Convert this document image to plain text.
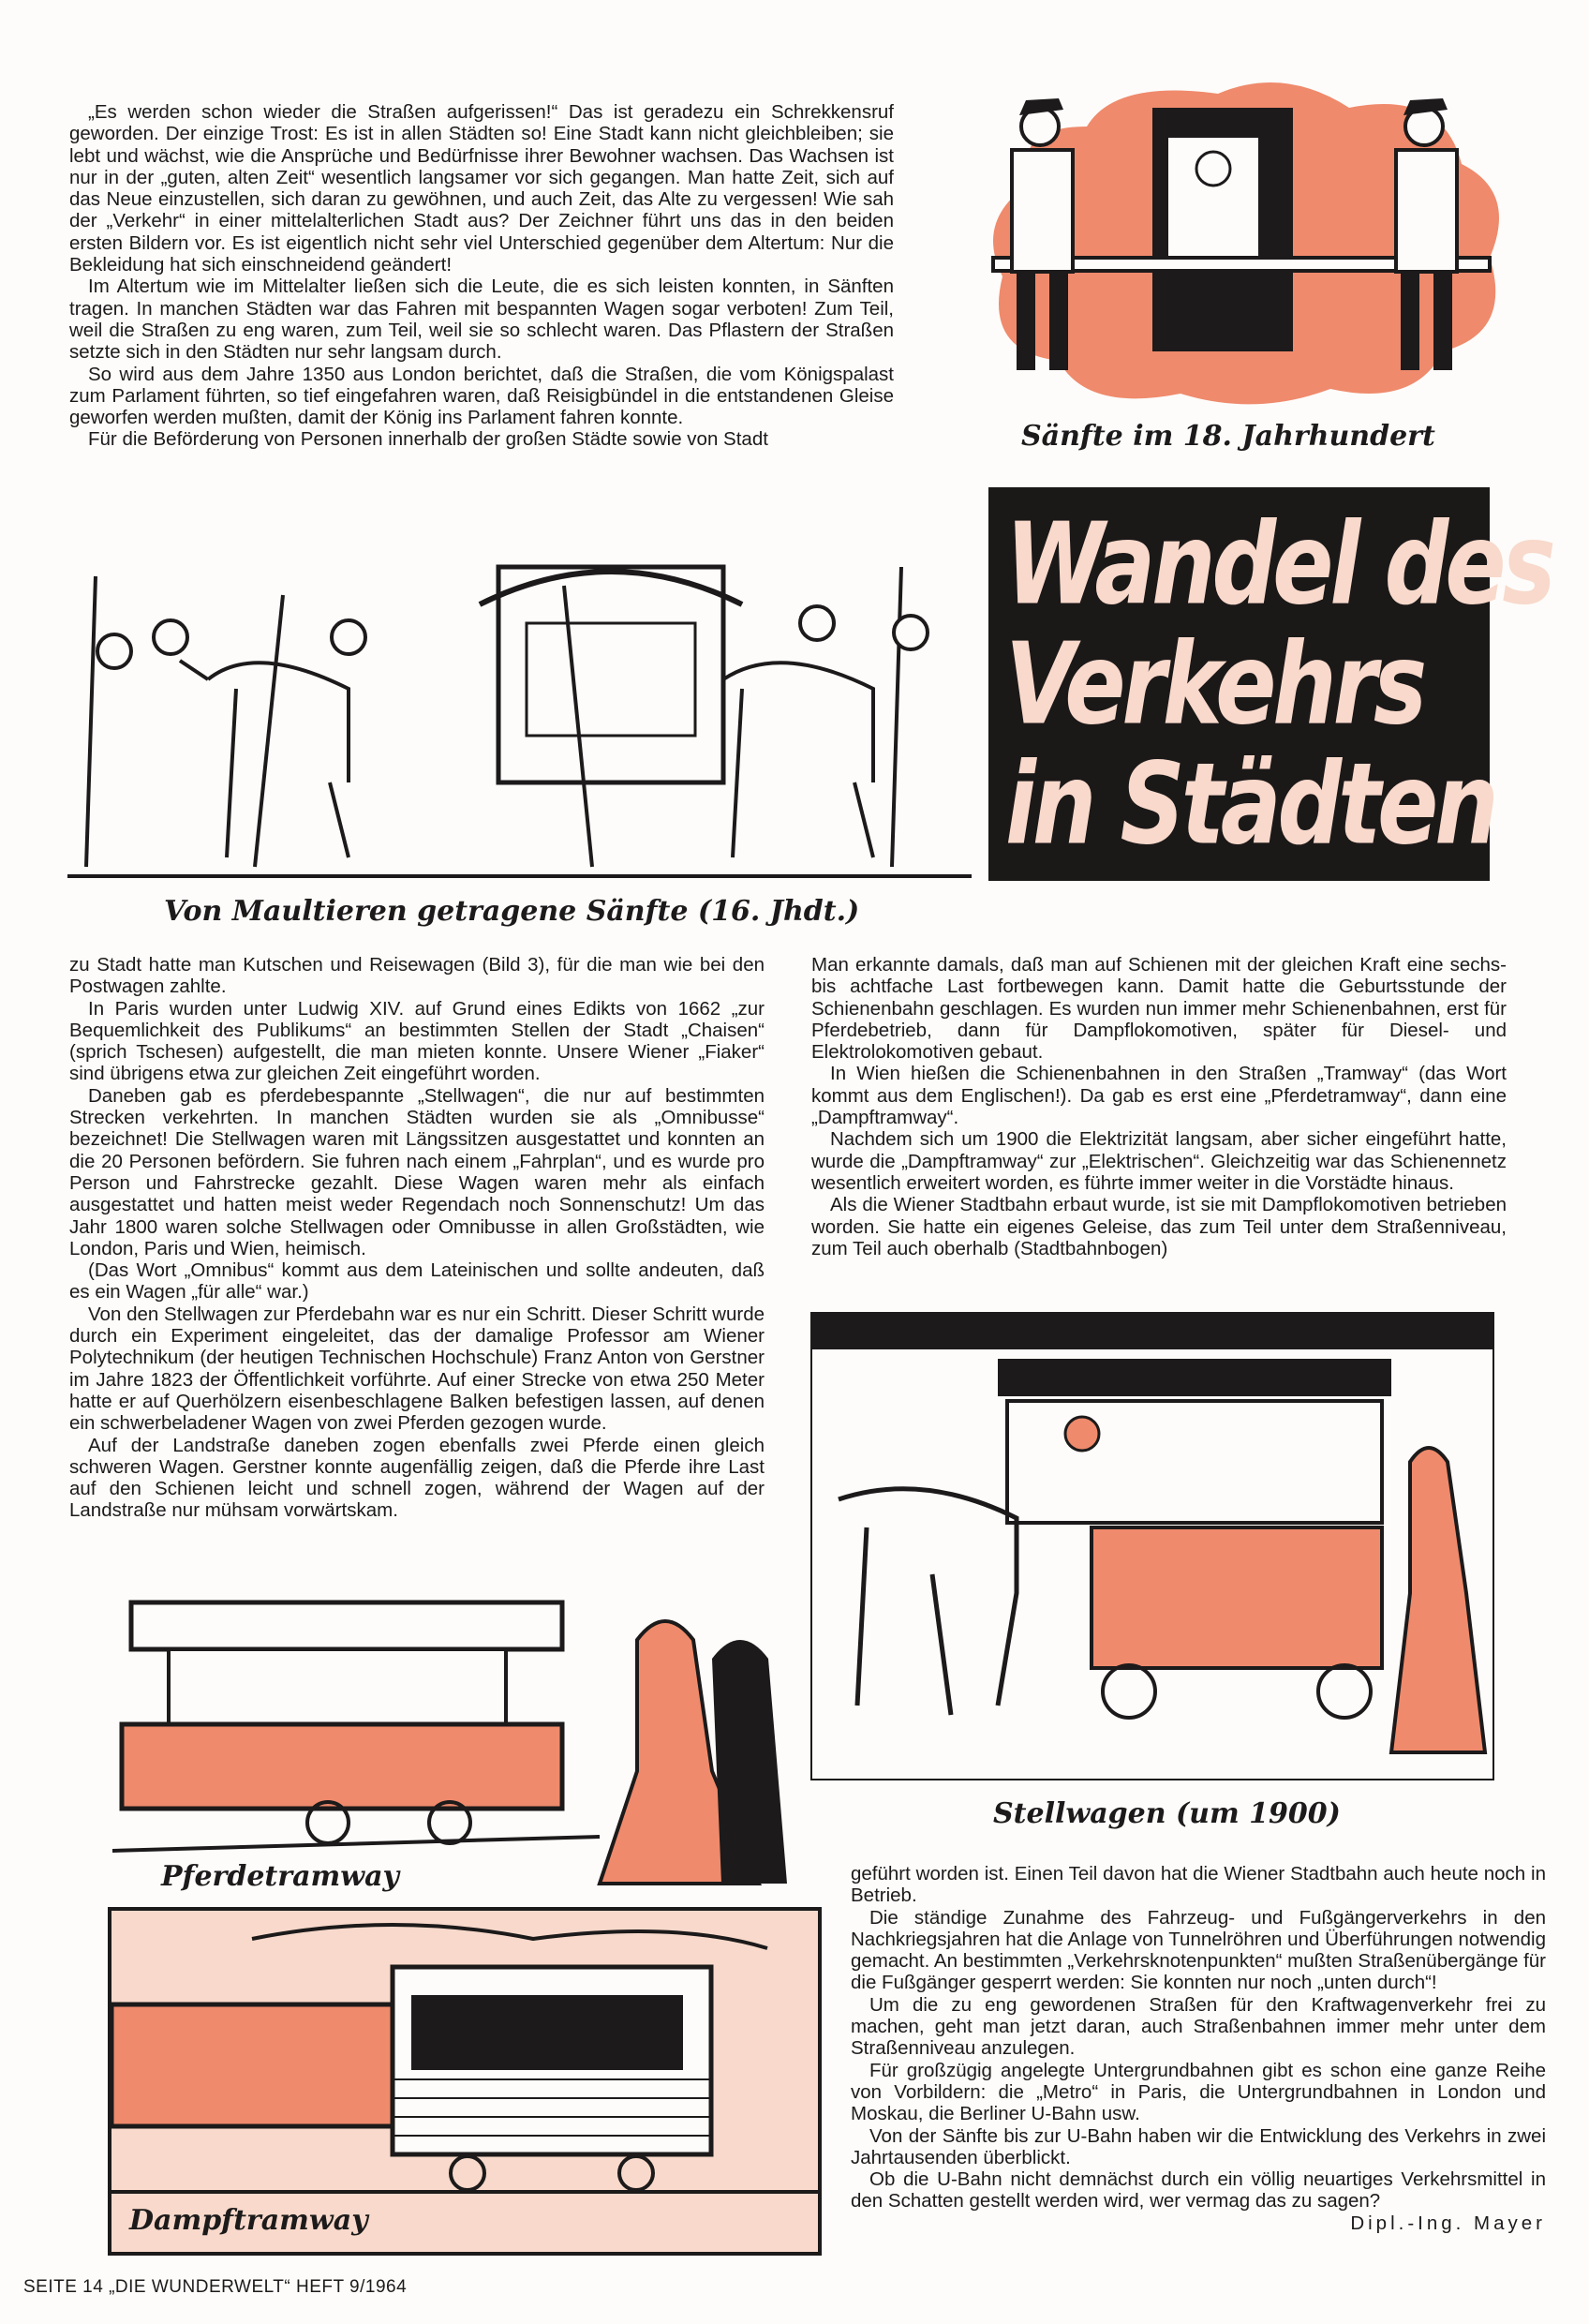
„Es werden schon wieder die Straßen aufgerissen!“ Das ist geradezu ein Schrekkensruf geworden. Der einzige Trost: Es ist in allen Städten so! Eine Stadt kann nicht gleichbleiben; sie lebt und wächst, wie die Ansprüche und Bedürfnisse ihrer Bewohner wachsen. Das Wachsen ist nur in der „guten, alten Zeit“ wesentlich langsamer vor sich gegangen. Man hatte Zeit, sich auf das Neue einzustellen, sich daran zu gewöhnen, und auch Zeit, das Alte zu vergessen! Wie sah der „Verkehr“ in einer mittelalterlichen Stadt aus? Der Zeichner führt uns das in den beiden ersten Bildern vor. Es ist eigentlich nicht sehr viel Unterschied gegenüber dem Altertum: Nur die Bekleidung hat sich einschneidend geändert!

Im Altertum wie im Mittelalter ließen sich die Leute, die es sich leisten konnten, in Sänften tragen. In manchen Städten war das Fahren mit bespannten Wagen sogar verboten! Zum Teil, weil die Straßen zu eng waren, zum Teil, weil sie so schlecht waren. Das Pflastern der Straßen setzte sich in den Städten nur sehr langsam durch.

So wird aus dem Jahre 1350 aus London berichtet, daß die Straßen, die vom Königspalast zum Parlament führten, so tief eingefahren waren, daß Reisigbündel in die entstandenen Gleise geworfen werden mußten, damit der König ins Parlament fahren konnte.

Für die Beförderung von Personen innerhalb der großen Städte sowie von Stadt	Sänfte im 18. Jahrhundert
Wandel des
Verkehrs
in Städten
Von Maultieren getragene Sänfte (16. Jhdt.)

zu Stadt hatte man Kutschen und Reisewagen (Bild 3), für die man wie bei den Postwagen zahlte.

In Paris wurden unter Ludwig XIV. auf Grund eines Edikts von 1662 „zur Bequemlichkeit des Publikums“ an bestimmten Stellen der Stadt „Chaisen“ (sprich Tschesen) aufgestellt, die man mieten konnte. Unsere Wiener „Fiaker“ sind übrigens etwa zur gleichen Zeit eingeführt worden.

Daneben gab es pferdebespannte „Stellwagen“, die nur auf bestimmten Strecken verkehrten. In manchen Städten wurden sie als „Omnibusse“ bezeichnet! Die Stellwagen waren mit Längssitzen ausgestattet und konnten an die 20 Personen befördern. Sie fuhren nach einem „Fahrplan“, und es wurde pro Person und Fahrstrecke gezahlt. Diese Wagen waren mehr als einfach ausgestattet und hatten meist weder Regendach noch Sonnenschutz! Um das Jahr 1800 waren solche Stellwagen oder Omnibusse in allen Großstädten, wie London, Paris und Wien, heimisch.

(Das Wort „Omnibus“ kommt aus dem Lateinischen und sollte andeuten, daß es ein Wagen „für alle“ war.)

Von den Stellwagen zur Pferdebahn war es nur ein Schritt. Dieser Schritt wurde durch ein Experiment eingeleitet, das der damalige Professor am Wiener Polytechnikum (der heutigen Technischen Hochschule) Franz Anton von Gerstner im Jahre 1823 der Öffentlichkeit vorführte. Auf einer Strecke von etwa 250 Meter hatte er auf Querhölzern eisenbeschlagene Balken befestigen lassen, auf denen ein schwerbeladener Wagen von zwei Pferden gezogen wurde.

Auf der Landstraße daneben zogen ebenfalls zwei Pferde einen gleich schweren Wagen. Gerstner konnte augenfällig zeigen, daß die Pferde ihre Last auf den Schienen leicht und schnell zogen, während der Wagen auf der Landstraße nur mühsam vorwärtskam.

Man erkannte damals, daß man auf Schienen mit der gleichen Kraft eine sechs- bis achtfache Last fortbewegen kann. Damit hatte die Geburtsstunde der Schienenbahn geschlagen. Es wurden nun immer mehr Schienenbahnen, erst für Pferdebetrieb, dann für Dampflokomotiven, später für Diesel- und Elektrolokomotiven gebaut.

In Wien hießen die Schienenbahnen in den Straßen „Tramway“ (das Wort kommt aus dem Englischen!). Da gab es erst eine „Pferdetramway“, dann eine „Dampftramway“.

Nachdem sich um 1900 die Elektrizität langsam, aber sicher eingeführt hatte, wurde die „Dampftramway“ zur „Elektrischen“. Gleichzeitig war das Schienennetz wesentlich erweitert worden, es führte immer weiter in die Vorstädte hinaus.

Als die Wiener Stadtbahn erbaut wurde, ist sie mit Dampflokomotiven betrieben worden. Sie hatte ein eigenes Geleise, das zum Teil unter dem Straßenniveau, zum Teil auch oberhalb (Stadtbahnbogen)

Stellwagen (um 1900)
Pferdetramway
Dampftramway

geführt worden ist. Einen Teil davon hat die Wiener Stadtbahn auch heute noch in Betrieb.

Die ständige Zunahme des Fahrzeug- und Fußgängerverkehrs in den Nachkriegsjahren hat die Anlage von Tunnelröhren und Überführungen notwendig gemacht. An bestimmten „Verkehrsknotenpunkten“ mußten Straßenübergänge für die Fußgänger gesperrt werden: Sie konnten nur noch „unten durch“!

Um die zu eng gewordenen Straßen für den Kraftwagenverkehr frei zu machen, geht man jetzt daran, auch Straßenbahnen immer mehr unter dem Straßenniveau anzulegen.

Für großzügig angelegte Untergrundbahnen gibt es schon eine ganze Reihe von Vorbildern: die „Metro“ in Paris, die Untergrundbahnen in London und Moskau, die Berliner U-Bahn usw.

Von der Sänfte bis zur U-Bahn haben wir die Entwicklung des Verkehrs in zwei Jahrtausenden überblickt.

Ob die U-Bahn nicht demnächst durch ein völlig neuartiges Verkehrsmittel in den Schatten gestellt werden wird, wer vermag das zu sagen?

Dipl.-Ing. Mayer
SEITE 14 „DIE WUNDERWELT“ HEFT 9/1964
